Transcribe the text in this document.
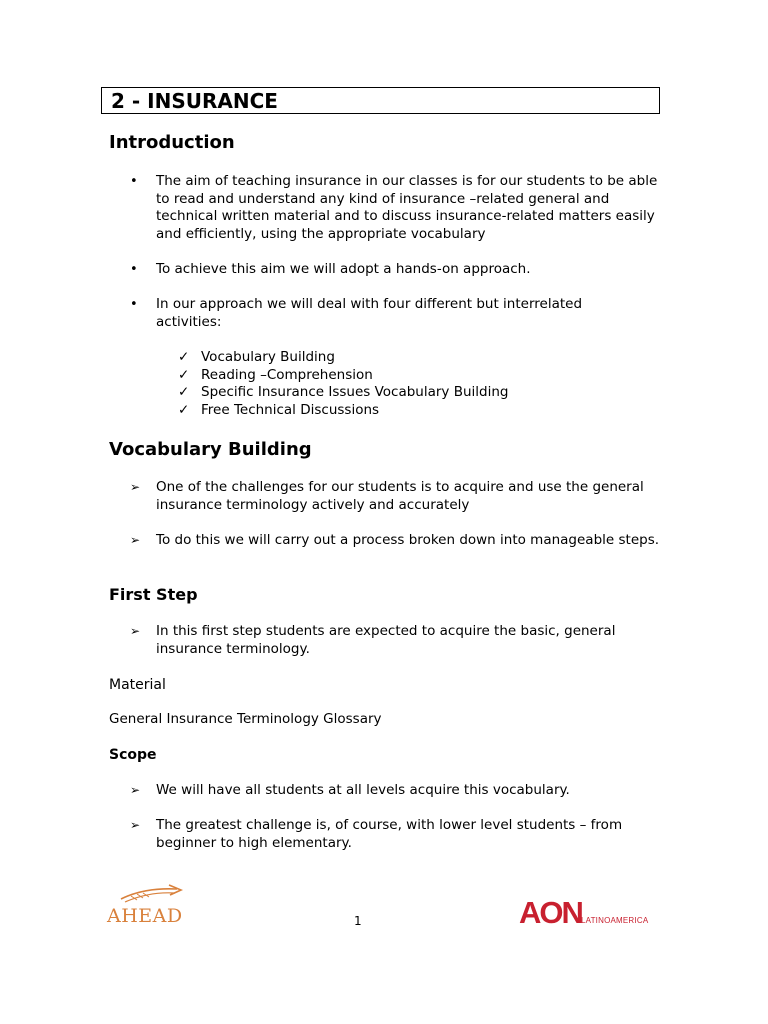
2 - INSURANCE
Introduction
•	The aim of teaching insurance in our classes is for our students to be able to read and understand any kind of insurance –related general and technical written material and to discuss insurance-related matters easily and efficiently, using the appropriate vocabulary
•	To achieve this aim we will adopt a hands-on approach.
•	In our approach we will deal with four different but interrelated activities:
✓ Vocabulary Building
✓ Reading –Comprehension
✓ Specific Insurance Issues Vocabulary Building
✓ Free Technical Discussions
Vocabulary Building
➢	One of the challenges for our students is to acquire and use the general insurance terminology actively and accurately
➢	To do this we will carry out a process broken down into manageable steps.
First Step
➢	In this first step students are expected to acquire the basic, general insurance terminology.
Material
General Insurance Terminology Glossary
Scope
➢	We will have all students at all levels acquire this vocabulary.
➢	The greatest challenge is, of course, with lower level students – from beginner to high elementary.
AHEAD	1	AON LATINOAMERICA
